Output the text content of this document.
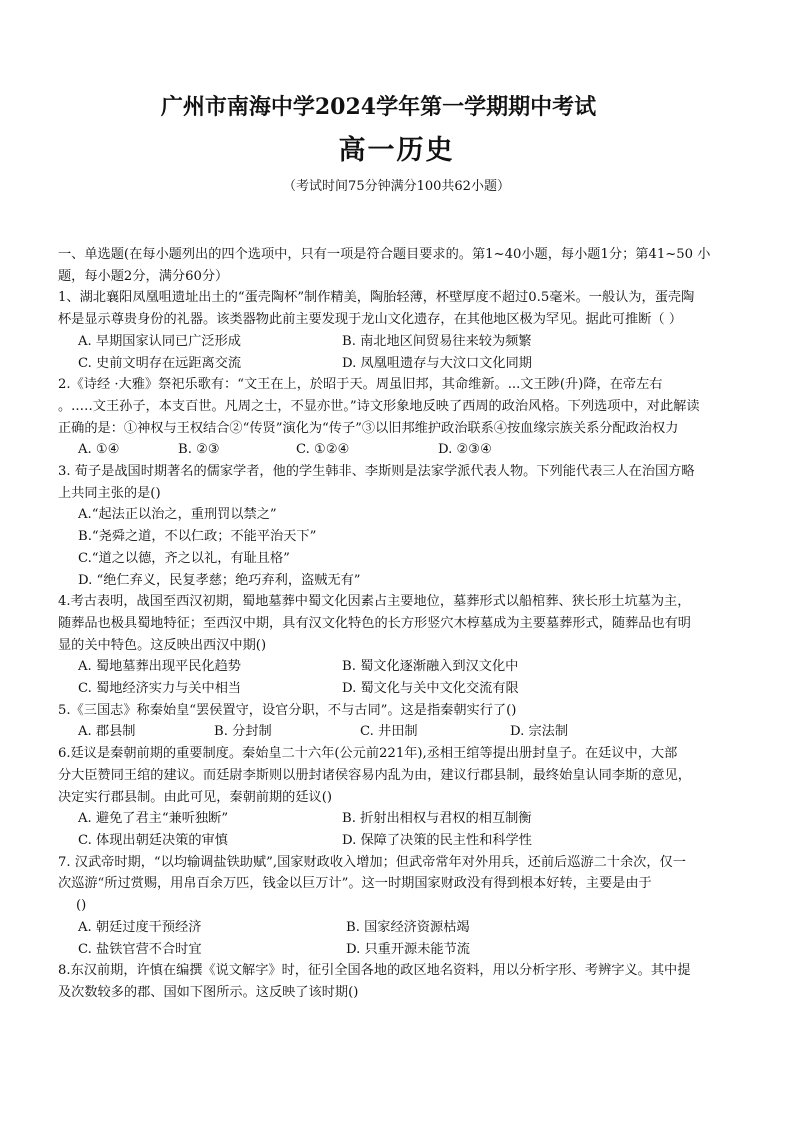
广州市南海中学2024学年第一学期期中考试
高一历史
（考试时间75分钟满分100共62小题）
一、单选题(在每小题列出的四个选项中，只有一项是符合题目要求的。第1~40小题，每小题1分；第41~50 小
题，每小题2分，满分60分）
1、湖北襄阳凤凰咀遗址出土的“蛋壳陶杯”制作精美，陶胎轻薄，杯壁厚度不超过0.5毫米。一般认为，蛋壳陶
杯是显示尊贵身份的礼器。该类器物此前主要发现于龙山文化遗存，在其他地区极为罕见。据此可推断（ ）
A. 早期国家认同已广泛形成	B. 南北地区间贸易往来较为频繁
C. 史前文明存在远距离交流	D. 凤凰咀遗存与大汶口文化同期
2.《诗经 ·大雅》祭祀乐歌有：“文王在上，於昭于天。周虽旧邦，其命维新。...文王陟(升)降，在帝左右
。..…文王孙子，本支百世。凡周之士，不显亦世。”诗文形象地反映了西周的政治风格。下列选项中，对此解读
正确的是：①神权与王权结合②“传贤”演化为“传子”③以旧邦维护政治联系④按血缘宗族关系分配政治权力
A. ①④	B. ②③	C. ①②④	D. ②③④
3. 荀子是战国时期著名的儒家学者，他的学生韩非、李斯则是法家学派代表人物。下列能代表三人在治国方略
上共同主张的是()
A.“起法正以治之，重刑罚以禁之”
B.“尧舜之道，不以仁政；不能平治天下”
C.“道之以德，齐之以礼，有耻且格”
D. “绝仁弃义，民复孝慈；绝巧弃利，盗贼无有”
4.考古表明，战国至西汉初期，蜀地墓葬中蜀文化因素占主要地位，墓葬形式以船棺葬、狭长形土坑墓为主，
随葬品也极具蜀地特征；至西汉中期，具有汉文化特色的长方形竖穴木椁墓成为主要墓葬形式，随葬品也有明
显的关中特色。这反映出西汉中期()
A. 蜀地墓葬出现平民化趋势	B. 蜀文化逐渐融入到汉文化中
C. 蜀地经济实力与关中相当	D. 蜀文化与关中文化交流有限
5.《三国志》称秦始皇“罢侯置守，设官分职，不与古同”。这是指秦朝实行了()
A. 郡县制	B. 分封制	C. 井田制	D. 宗法制
6.廷议是秦朝前期的重要制度。秦始皇二十六年(公元前221年),丞相王绾等提出册封皇子。在廷议中，大部
分大臣赞同王绾的建议。而廷尉李斯则以册封诸侯容易内乱为由，建议行郡县制，最终始皇认同李斯的意见，
决定实行郡县制。由此可见，秦朝前期的廷议()
A. 避免了君主“兼听独断”	B. 折射出相权与君权的相互制衡
C. 体现出朝廷决策的审慎	D. 保障了决策的民主性和科学性
7. 汉武帝时期，“以均输调盐铁助赋”,国家财政收入增加；但武帝常年对外用兵，还前后巡游二十余次，仅一
次巡游“所过赏赐，用帛百余万匹，钱金以巨万计”。这一时期国家财政没有得到根本好转，主要是由于
()
A. 朝廷过度干预经济	B. 国家经济资源枯竭
C. 盐铁官营不合时宜	D. 只重开源未能节流
8.东汉前期，许慎在编撰《说文解字》时，征引全国各地的政区地名资料，用以分析字形、考辨字义。其中提
及次数较多的郡、国如下图所示。这反映了该时期()
